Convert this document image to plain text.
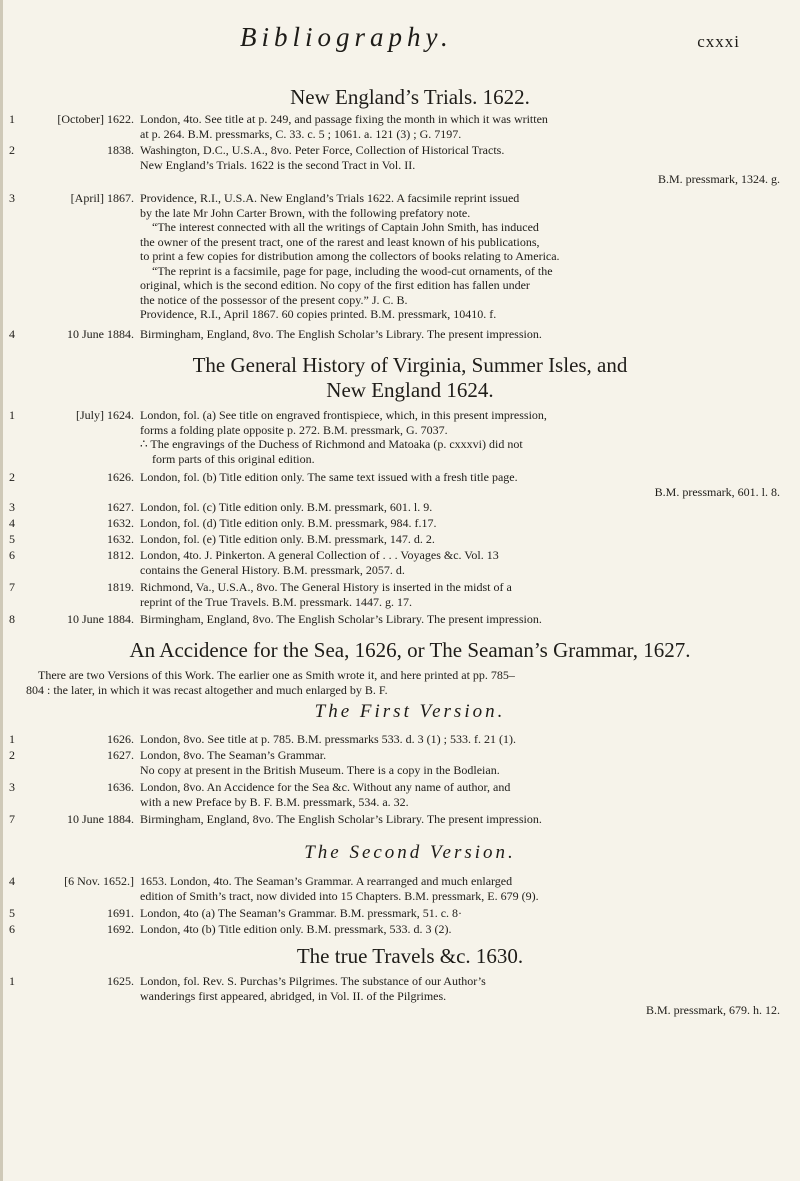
Bibliography.	cxxxi
New England’s Trials. 1622.
1	[October] 1622. London, 4to. See title at p. 249, and passage fixing the month in which it was written
at p. 264. B.M. pressmarks, C. 33. c. 5 ; 1061. a. 121 (3) ; G. 7197.
2	1838. Washington, D.C., U.S.A., 8vo. Peter Force, Collection of Historical Tracts.
New England’s Trials. 1622 is the second Tract in Vol. II.
B.M. pressmark, 1324. g.
3	[April] 1867. Providence, R.I., U.S.A. New England’s Trials 1622. A facsimile reprint issued
by the late Mr John Carter Brown, with the following prefatory note.
“The interest connected with all the writings of Captain John Smith, has induced
the owner of the present tract, one of the rarest and least known of his publications,
to print a few copies for distribution among the collectors of books relating to America.
“The reprint is a facsimile, page for page, including the wood-cut ornaments, of the
original, which is the second edition. No copy of the first edition has fallen under
the notice of the possessor of the present copy.” J. C. B.
Providence, R.I., April 1867. 60 copies printed. B.M. pressmark, 10410. f.
4	10 June 1884. Birmingham, England, 8vo. The English Scholar’s Library. The present impression.
The General History of Virginia, Summer Isles, and
New England 1624.
1	[July] 1624. London, fol. (a) See title on engraved frontispiece, which, in this present impression,
forms a folding plate opposite p. 272. B.M. pressmark, G. 7037.
∴ The engravings of the Duchess of Richmond and Matoaka (p. cxxxvi) did not
form parts of this original edition.
2	1626. London, fol. (b) Title edition only. The same text issued with a fresh title page.
B.M. pressmark, 601. l. 8.
3	1627. London, fol. (c) Title edition only. B.M. pressmark, 601. l. 9.
4	1632. London, fol. (d) Title edition only. B.M. pressmark, 984. f.17.
5	1632. London, fol. (e) Title edition only. B.M. pressmark, 147. d. 2.
6	1812. London, 4to. J. Pinkerton. A general Collection of . . . Voyages &c. Vol. 13
contains the General History. B.M. pressmark, 2057. d.
7	1819. Richmond, Va., U.S.A., 8vo. The General History is inserted in the midst of a
reprint of the True Travels. B.M. pressmark. 1447. g. 17.
8	10 June 1884. Birmingham, England, 8vo. The English Scholar’s Library. The present impression.
An Accidence for the Sea, 1626, or The Seaman’s Grammar, 1627.
There are two Versions of this Work. The earlier one as Smith wrote it, and here printed at pp. 785–
804 : the later, in which it was recast altogether and much enlarged by B. F.
The First Version.
1	1626. London, 8vo. See title at p. 785. B.M. pressmarks 533. d. 3 (1) ; 533. f. 21 (1).
2	1627. London, 8vo. The Seaman’s Grammar.
No copy at present in the British Museum. There is a copy in the Bodleian.
3	1636. London, 8vo. An Accidence for the Sea &c. Without any name of author, and
with a new Preface by B. F. B.M. pressmark, 534. a. 32.
7	10 June 1884. Birmingham, England, 8vo. The English Scholar’s Library. The present impression.
The Second Version.
4	[6 Nov. 1652.] 1653. London, 4to. The Seaman’s Grammar. A rearranged and much enlarged
edition of Smith’s tract, now divided into 15 Chapters. B.M. pressmark, E. 679 (9).
5	1691. London, 4to (a) The Seaman’s Grammar. B.M. pressmark, 51. c. 8·
6	1692. London, 4to (b) Title edition only. B.M. pressmark, 533. d. 3 (2).
The true Travels &c. 1630.
1	1625. London, fol. Rev. S. Purchas’s Pilgrimes. The substance of our Author’s
wanderings first appeared, abridged, in Vol. II. of the Pilgrimes.
B.M. pressmark, 679. h. 12.
